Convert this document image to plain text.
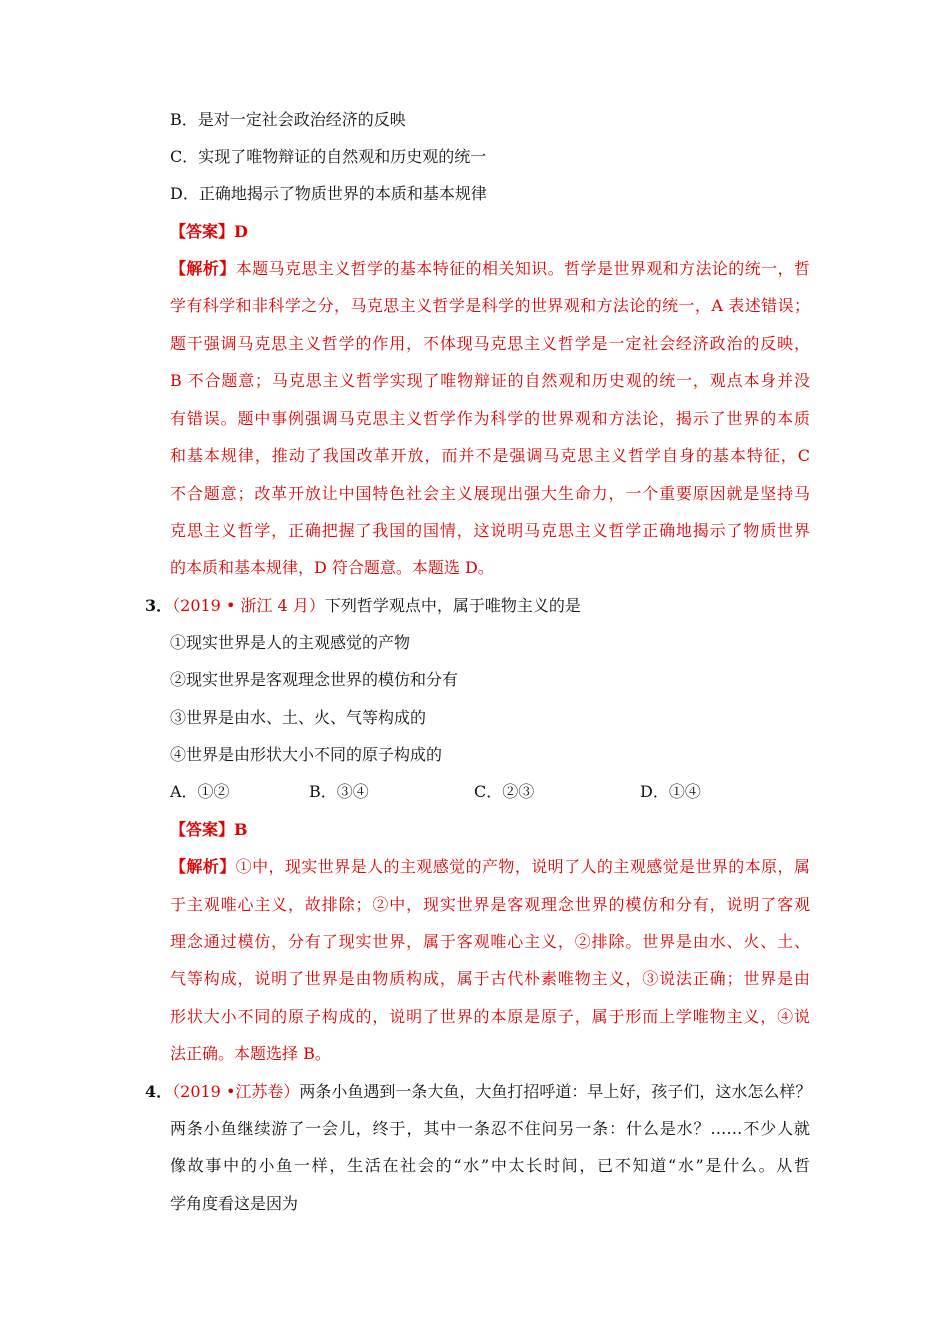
B．是对一定社会政治经济的反映
C．实现了唯物辩证的自然观和历史观的统一
D．正确地揭示了物质世界的本质和基本规律
【答案】D
【解析】本题马克思主义哲学的基本特征的相关知识。哲学是世界观和方法论的统一，哲
学有科学和非科学之分，马克思主义哲学是科学的世界观和方法论的统一，A 表述错误；
题干强调马克思主义哲学的作用，不体现马克思主义哲学是一定社会经济政治的反映，
B 不合题意；马克思主义哲学实现了唯物辩证的自然观和历史观的统一，观点本身并没
有错误。题中事例强调马克思主义哲学作为科学的世界观和方法论，揭示了世界的本质
和基本规律，推动了我国改革开放，而并不是强调马克思主义哲学自身的基本特征，C
不合题意；改革开放让中国特色社会主义展现出强大生命力，一个重要原因就是坚持马
克思主义哲学，正确把握了我国的国情，这说明马克思主义哲学正确地揭示了物质世界
的本质和基本规律，D 符合题意。本题选 D。
3．（2019 • 浙江 4 月）下列哲学观点中，属于唯物主义的是
①现实世界是人的主观感觉的产物
②现实世界是客观理念世界的模仿和分有
③世界是由水、土、火、气等构成的
④世界是由形状大小不同的原子构成的
A．①②	B．③④	C．②③	D．①④
【答案】B
【解析】①中，现实世界是人的主观感觉的产物，说明了人的主观感觉是世界的本原，属
于主观唯心主义，故排除；②中，现实世界是客观理念世界的模仿和分有，说明了客观
理念通过模仿，分有了现实世界，属于客观唯心主义，②排除。世界是由水、火、土、
气等构成，说明了世界是由物质构成，属于古代朴素唯物主义，③说法正确；世界是由
形状大小不同的原子构成的，说明了世界的本原是原子，属于形而上学唯物主义，④说
法正确。本题选择 B。
4．（2019 •江苏卷）两条小鱼遇到一条大鱼，大鱼打招呼道：早上好，孩子们，这水怎么样？
两条小鱼继续游了一会儿，终于，其中一条忍不住问另一条：什么是水？……不少人就
像故事中的小鱼一样，生活在社会的“水”中太长时间，已不知道“水”是什么。从哲
学角度看这是因为
